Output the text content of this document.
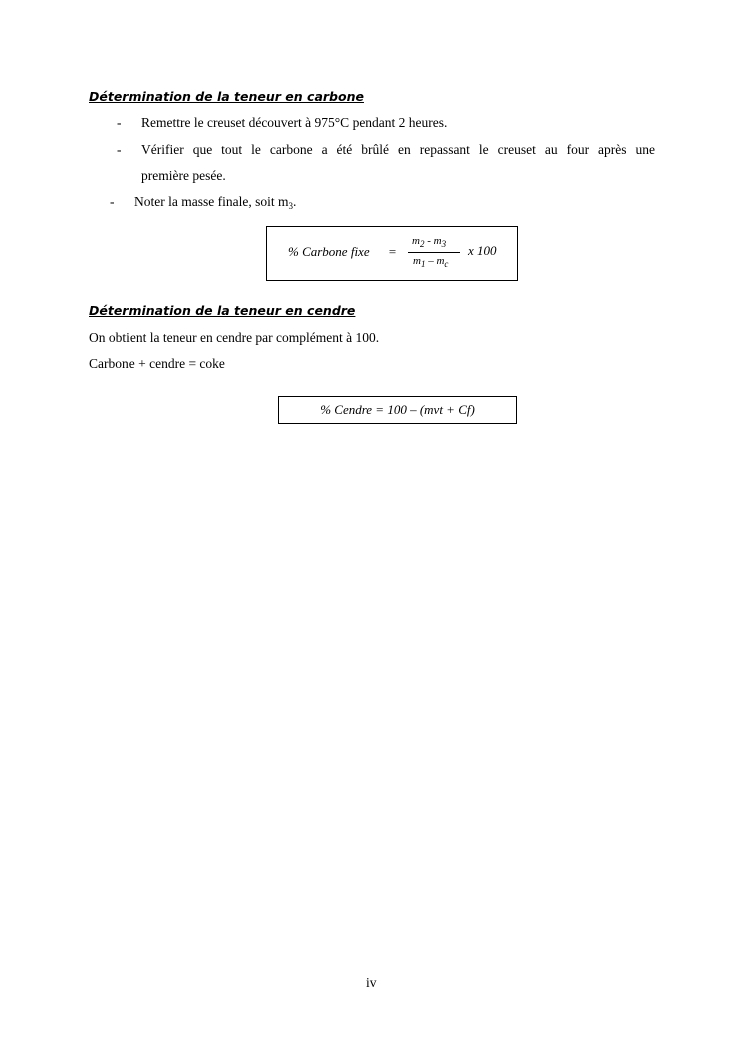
Détermination de la teneur en carbone
- Remettre le creuset découvert à 975°C pendant 2 heures.
- Vérifier que tout le carbone a été brûlé en repassant le creuset au four après une
première pesée.
- Noter la masse finale, soit $m_3$.
% Carbone fixe =
$m_2 - m_3$
$m_1 - m_c$
x 100
Détermination de la teneur en cendre
On obtient la teneur en cendre par complément à 100.
Carbone + cendre = coke
% Cendre = 100 – (mvt + Cf)
iv
